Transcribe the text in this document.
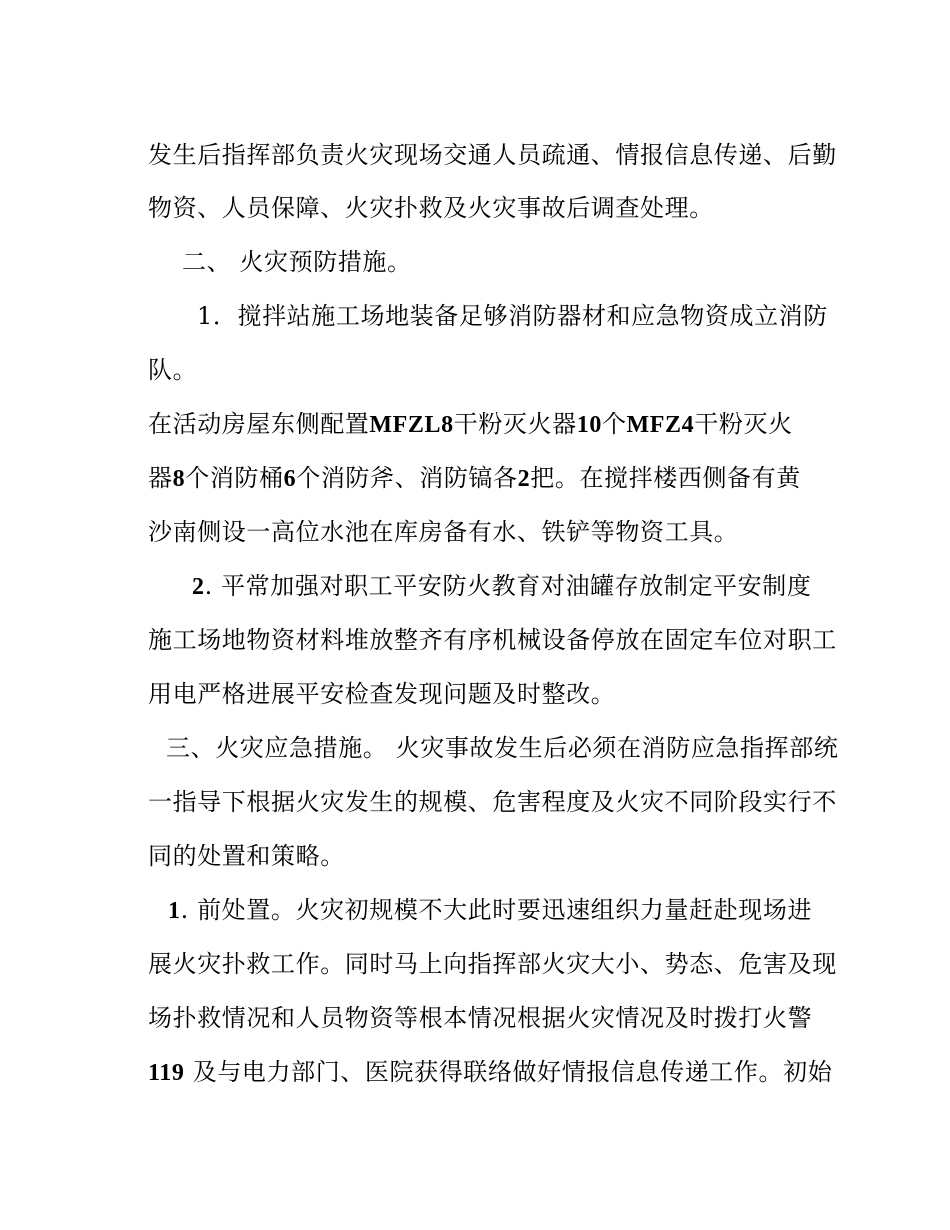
发生后指挥部负责火灾现场交通人员疏通、情报信息传递、后勤
物资、人员保障、火灾扑救及火灾事故后调查处理。
二、 火灾预防措施。
1．搅拌站施工场地装备足够消防器材和应急物资成立消防
队。
在活动房屋东侧配置MFZL8干粉灭火器10个MFZ4干粉灭火
器8个消防桶6个消防斧、消防镐各2把。在搅拌楼西侧备有黄
沙南侧设一高位水池在库房备有水、铁铲等物资工具。
2. 平常加强对职工平安防火教育对油罐存放制定平安制度
施工场地物资材料堆放整齐有序机械设备停放在固定车位对职工
用电严格进展平安检查发现问题及时整改。
三、火灾应急措施。 火灾事故发生后必须在消防应急指挥部统
一指导下根据火灾发生的规模、危害程度及火灾不同阶段实行不
同的处置和策略。
1. 前处置。火灾初规模不大此时要迅速组织力量赶赴现场进
展火灾扑救工作。同时马上向指挥部火灾大小、势态、危害及现
场扑救情况和人员物资等根本情况根据火灾情况及时拨打火警
119 及与电力部门、医院获得联络做好情报信息传递工作。初始
